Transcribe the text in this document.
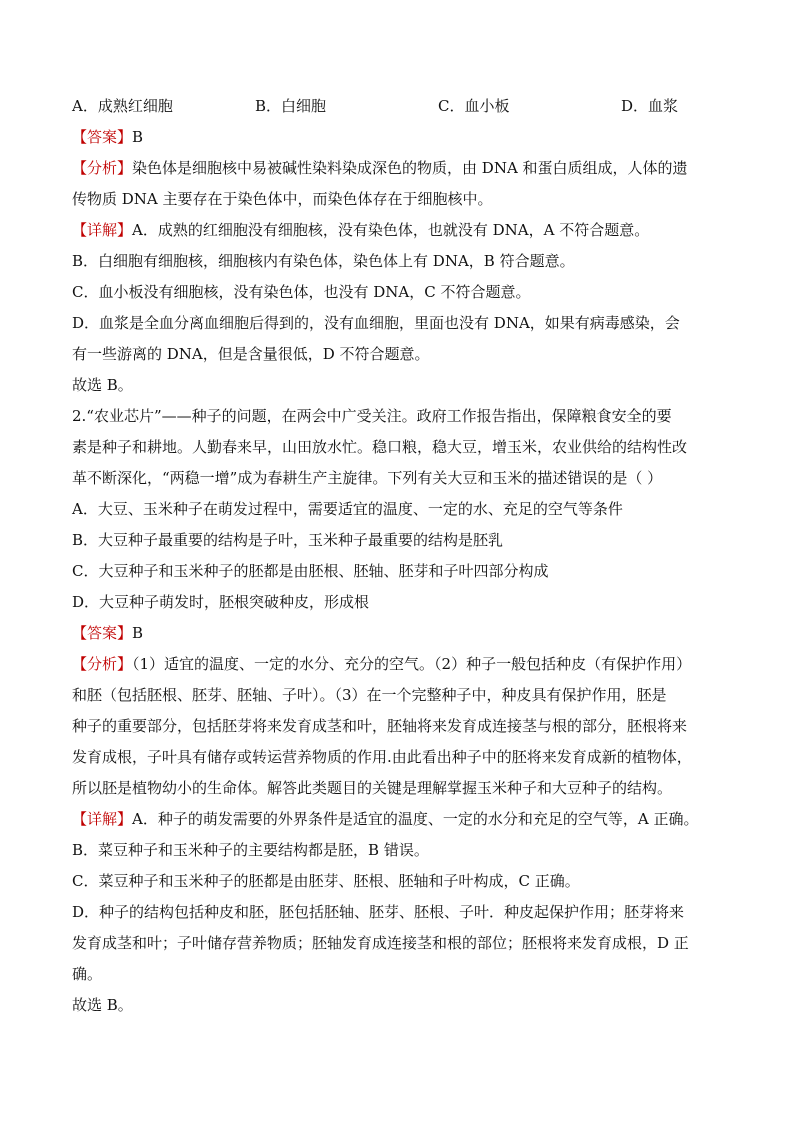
A．成熟红细胞	B．白细胞	C．血小板	D．血浆
【答案】B
【分析】染色体是细胞核中易被碱性染料染成深色的物质，由 DNA 和蛋白质组成，人体的遗
传物质 DNA 主要存在于染色体中，而染色体存在于细胞核中。
【详解】A．成熟的红细胞没有细胞核，没有染色体，也就没有 DNA，A 不符合题意。
B．白细胞有细胞核，细胞核内有染色体，染色体上有 DNA，B 符合题意。
C．血小板没有细胞核，没有染色体，也没有 DNA，C 不符合题意。
D．血浆是全血分离血细胞后得到的，没有血细胞，里面也没有 DNA，如果有病毒感染，会
有一些游离的 DNA，但是含量很低，D 不符合题意。
故选 B。
2.“农业芯片”——种子的问题，在两会中广受关注。政府工作报告指出，保障粮食安全的要
素是种子和耕地。人勤春来早，山田放水忙。稳口粮，稳大豆，增玉米，农业供给的结构性改
革不断深化，“两稳一增”成为春耕生产主旋律。下列有关大豆和玉米的描述错误的是（ ）
A．大豆、玉米种子在萌发过程中，需要适宜的温度、一定的水、充足的空气等条件
B．大豆种子最重要的结构是子叶，玉米种子最重要的结构是胚乳
C．大豆种子和玉米种子的胚都是由胚根、胚轴、胚芽和子叶四部分构成
D．大豆种子萌发时，胚根突破种皮，形成根
【答案】B
【分析】（1）适宜的温度、一定的水分、充分的空气。（2）种子一般包括种皮（有保护作用）
和胚（包括胚根、胚芽、胚轴、子叶）。（3）在一个完整种子中，种皮具有保护作用，胚是
种子的重要部分，包括胚芽将来发育成茎和叶，胚轴将来发育成连接茎与根的部分，胚根将来
发育成根，子叶具有储存或转运营养物质的作用.由此看出种子中的胚将来发育成新的植物体，
所以胚是植物幼小的生命体。解答此类题目的关键是理解掌握玉米种子和大豆种子的结构。
【详解】A．种子的萌发需要的外界条件是适宜的温度、一定的水分和充足的空气等，A 正确。
B．菜豆种子和玉米种子的主要结构都是胚，B 错误。
C．菜豆种子和玉米种子的胚都是由胚芽、胚根、胚轴和子叶构成，C 正确。
D．种子的结构包括种皮和胚，胚包括胚轴、胚芽、胚根、子叶．种皮起保护作用；胚芽将来
发育成茎和叶；子叶储存营养物质；胚轴发育成连接茎和根的部位；胚根将来发育成根，D 正
确。
故选 B。
